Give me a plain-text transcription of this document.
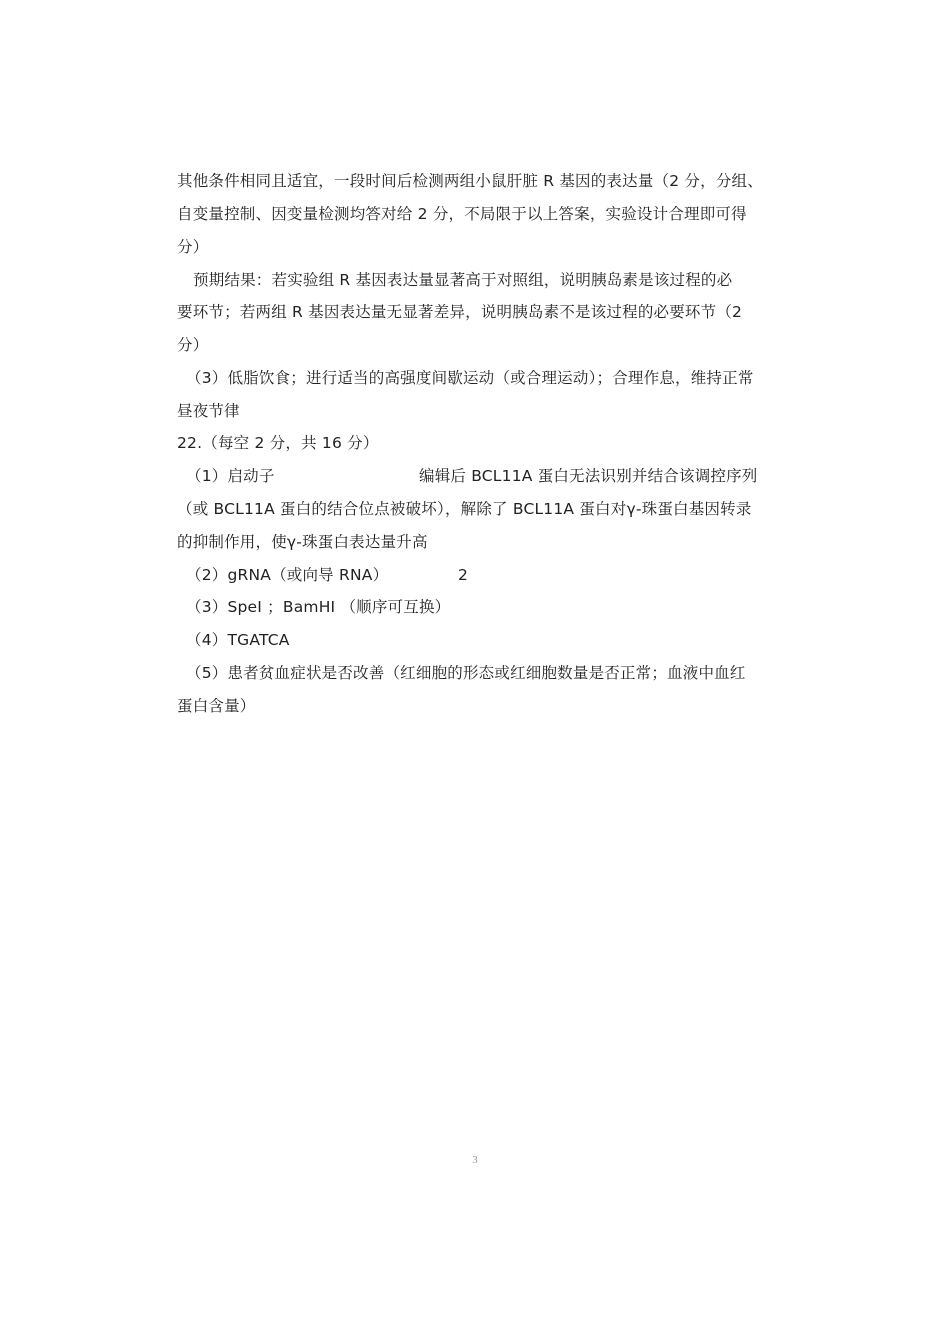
其他条件相同且适宜，一段时间后检测两组小鼠肝脏 R 基因的表达量（2 分，分组、
自变量控制、因变量检测均答对给 2 分，不局限于以上答案，实验设计合理即可得
分）
预期结果：若实验组 R 基因表达量显著高于对照组，说明胰岛素是该过程的必
要环节；若两组 R 基因表达量无显著差异，说明胰岛素不是该过程的必要环节（2
分）
（3）低脂饮食；进行适当的高强度间歇运动（或合理运动）；合理作息，维持正常
昼夜节律
22.（每空 2 分，共 16 分）
（1）启动子	编辑后 BCL11A 蛋白无法识别并结合该调控序列
（或 BCL11A 蛋白的结合位点被破坏），解除了 BCL11A 蛋白对γ-珠蛋白基因转录
的抑制作用，使γ-珠蛋白表达量升高
（2）gRNA（或向导 RNA）	2
（3）SpeⅠ ；BamHⅠ （顺序可互换）
（4）TGATCA
（5）患者贫血症状是否改善（红细胞的形态或红细胞数量是否正常；血液中血红
蛋白含量）
3
